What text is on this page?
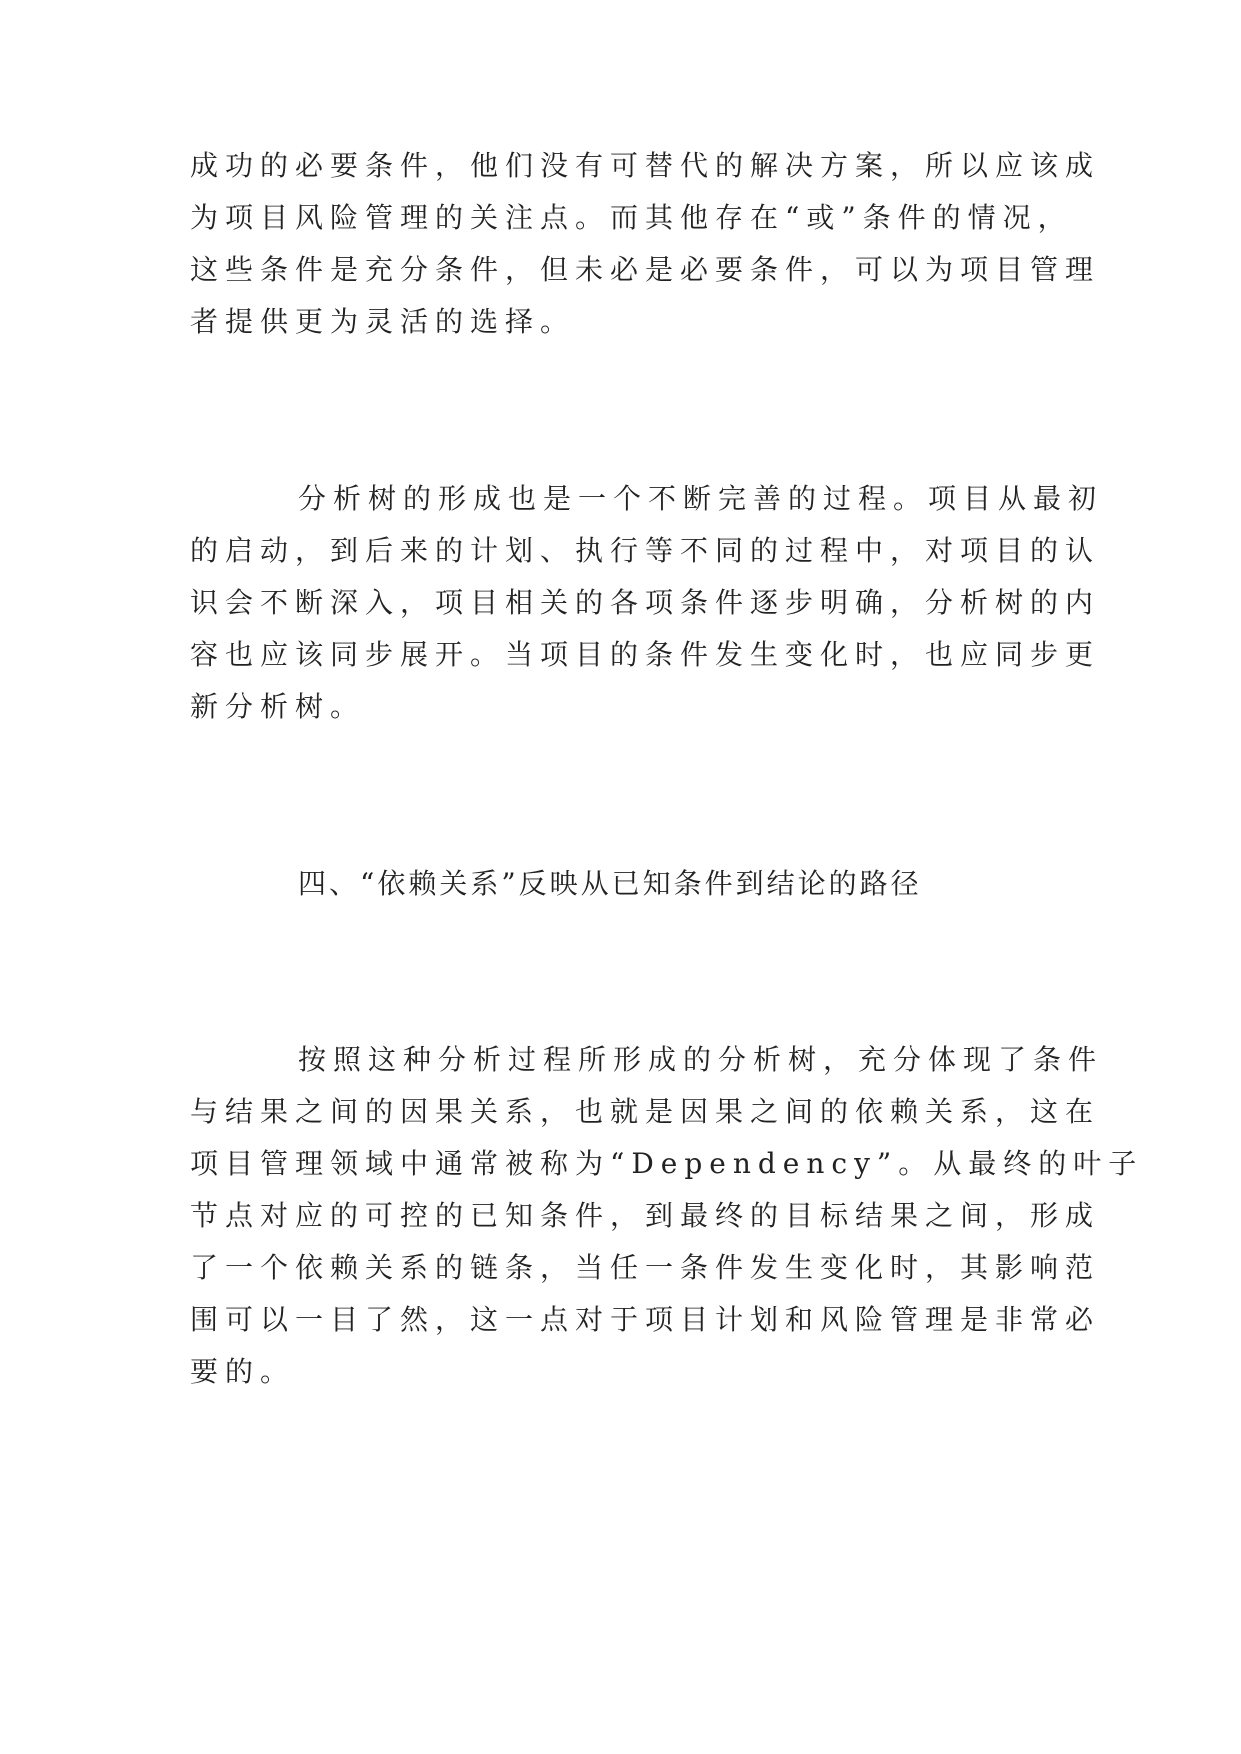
成功的必要条件，他们没有可替代的解决方案，所以应该成
为项目风险管理的关注点。而其他存在“或”条件的情况，
这些条件是充分条件，但未必是必要条件，可以为项目管理
者提供更为灵活的选择。
分析树的形成也是一个不断完善的过程。项目从最初
的启动，到后来的计划、执行等不同的过程中，对项目的认
识会不断深入，项目相关的各项条件逐步明确，分析树的内
容也应该同步展开。当项目的条件发生变化时，也应同步更
新分析树。
四、“依赖关系”反映从已知条件到结论的路径
按照这种分析过程所形成的分析树，充分体现了条件
与结果之间的因果关系，也就是因果之间的依赖关系，这在
项目管理领域中通常被称为“Dependency”。从最终的叶子
节点对应的可控的已知条件，到最终的目标结果之间，形成
了一个依赖关系的链条，当任一条件发生变化时，其影响范
围可以一目了然，这一点对于项目计划和风险管理是非常必
要的。
